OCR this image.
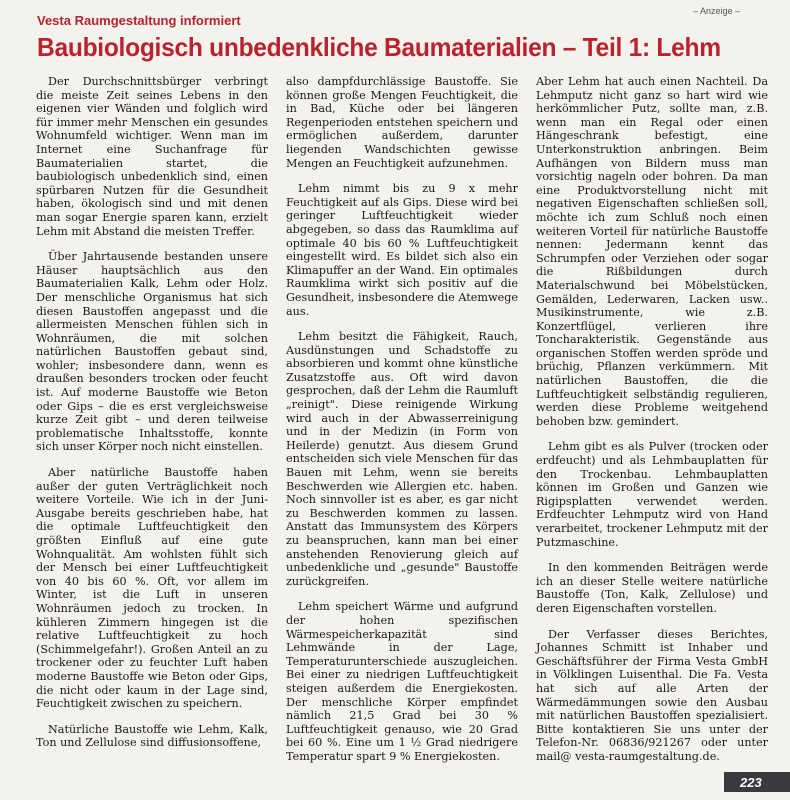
– Anzeige –
Vesta Raumgestaltung informiert
Baubiologisch unbedenkliche Baumaterialien – Teil 1: Lehm

Der Durchschnittsbürger verbringt die meiste Zeit seines Lebens in den eigenen vier Wänden und folglich wird für immer mehr Menschen ein gesundes Wohnumfeld wichtiger. Wenn man im Internet eine Suchanfrage für Baumaterialien startet, die baubiologisch unbedenklich sind, einen spürbaren Nutzen für die Gesundheit haben, ökologisch sind und mit denen man sogar Energie sparen kann, erzielt Lehm mit Abstand die meisten Treffer.

Über Jahrtausende bestanden unsere Häuser hauptsächlich aus den Baumaterialien Kalk, Lehm oder Holz. Der menschliche Organismus hat sich diesen Baustoffen angepasst und die allermeisten Menschen fühlen sich in Wohnräumen, die mit solchen natürlichen Baustoffen gebaut sind, wohler; insbesondere dann, wenn es draußen besonders trocken oder feucht ist. Auf moderne Baustoffe wie Beton oder Gips – die es erst vergleichsweise kurze Zeit gibt – und deren teilweise problematische Inhaltsstoffe, konnte sich unser Körper noch nicht einstellen.

Aber natürliche Baustoffe haben außer der guten Verträglichkeit noch weitere Vorteile. Wie ich in der Juni-Ausgabe bereits geschrieben habe, hat die optimale Luftfeuchtigkeit den größten Einfluß auf eine gute Wohnqualität. Am wohlsten fühlt sich der Mensch bei einer Luftfeuchtigkeit von 40 bis 60 %. Oft, vor allem im Winter, ist die Luft in unseren Wohnräumen jedoch zu trocken. In kühleren Zimmern hingegen ist die relative Luftfeuchtigkeit zu hoch (Schimmelgefahr!). Großen Anteil an zu trockener oder zu feuchter Luft haben moderne Baustoffe wie Beton oder Gips, die nicht oder kaum in der Lage sind, Feuchtigkeit zwischen zu speichern.

Natürliche Baustoffe wie Lehm, Kalk, Ton und Zellulose sind diffusionsoffene,

also dampfdurchlässige Baustoffe. Sie können große Mengen Feuchtigkeit, die in Bad, Küche oder bei längeren Regenperioden entstehen speichern und ermöglichen außerdem, darunter liegenden Wandschichten gewisse Mengen an Feuchtigkeit aufzunehmen.

Lehm nimmt bis zu 9 x mehr Feuchtigkeit auf als Gips. Diese wird bei geringer Luftfeuchtigkeit wieder abgegeben, so dass das Raumklima auf optimale 40 bis 60 % Luftfeuchtigkeit eingestellt wird. Es bildet sich also ein Klimapuffer an der Wand. Ein optimales Raumklima wirkt sich positiv auf die Gesundheit, insbesondere die Atemwege aus.

Lehm besitzt die Fähigkeit, Rauch, Ausdünstungen und Schadstoffe zu absorbieren und kommt ohne künstliche Zusatzstoffe aus. Oft wird davon gesprochen, daß der Lehm die Raumluft „reinigt". Diese reinigende Wirkung wird auch in der Abwasserreinigung und in der Medizin (in Form von Heilerde) genutzt. Aus diesem Grund entscheiden sich viele Menschen für das Bauen mit Lehm, wenn sie bereits Beschwerden wie Allergien etc. haben. Noch sinnvoller ist es aber, es gar nicht zu Beschwerden kommen zu lassen. Anstatt das Immunsystem des Körpers zu beanspruchen, kann man bei einer anstehenden Renovierung gleich auf unbedenkliche und „gesunde" Baustoffe zurückgreifen.

Lehm speichert Wärme und aufgrund der hohen spezifischen Wärmespeicherkapazität sind Lehmwände in der Lage, Temperaturunterschiede auszugleichen. Bei einer zu niedrigen Luftfeuchtigkeit steigen außerdem die Energiekosten. Der menschliche Körper empfindet nämlich 21,5 Grad bei 30 % Luftfeuchtigkeit genauso, wie 20 Grad bei 60 %. Eine um 1 ½ Grad niedrigere Temperatur spart 9 % Energiekosten.

Aber Lehm hat auch einen Nachteil. Da Lehmputz nicht ganz so hart wird wie herkömmlicher Putz, sollte man, z.B. wenn man ein Regal oder einen Hängeschrank befestigt, eine Unterkonstruktion anbringen. Beim Aufhängen von Bildern muss man vorsichtig nageln oder bohren. Da man eine Produktvorstellung nicht mit negativen Eigenschaften schließen soll, möchte ich zum Schluß noch einen weiteren Vorteil für natürliche Baustoffe nennen: Jedermann kennt das Schrumpfen oder Verziehen oder sogar die Rißbildungen durch Materialschwund bei Möbelstücken, Gemälden, Lederwaren, Lacken usw.. Musikinstrumente, wie z.B. Konzertflügel, verlieren ihre Toncharakteristik. Gegenstände aus organischen Stoffen werden spröde und brüchig, Pflanzen verkümmern. Mit natürlichen Baustoffen, die die Luftfeuchtigkeit selbständig regulieren, werden diese Probleme weitgehend behoben bzw. gemindert.

Lehm gibt es als Pulver (trocken oder erdfeucht) und als Lehmbauplatten für den Trockenbau. Lehmbauplatten können im Großen und Ganzen wie Rigipsplatten verwendet werden. Erdfeuchter Lehmputz wird von Hand verarbeitet, trockener Lehmputz mit der Putzmaschine.

In den kommenden Beiträgen werde ich an dieser Stelle weitere natürliche Baustoffe (Ton, Kalk, Zellulose) und deren Eigenschaften vorstellen.

Der Verfasser dieses Berichtes, Johannes Schmitt ist Inhaber und Geschäftsführer der Firma Vesta GmbH in Völklingen Luisenthal. Die Fa. Vesta hat sich auf alle Arten der Wärmedämmungen sowie den Ausbau mit natürlichen Baustoffen spezialisiert. Bitte kontaktieren Sie uns unter der Telefon-Nr. 06836/921267 oder unter mail@ vesta-raumgestaltung.de.

223
